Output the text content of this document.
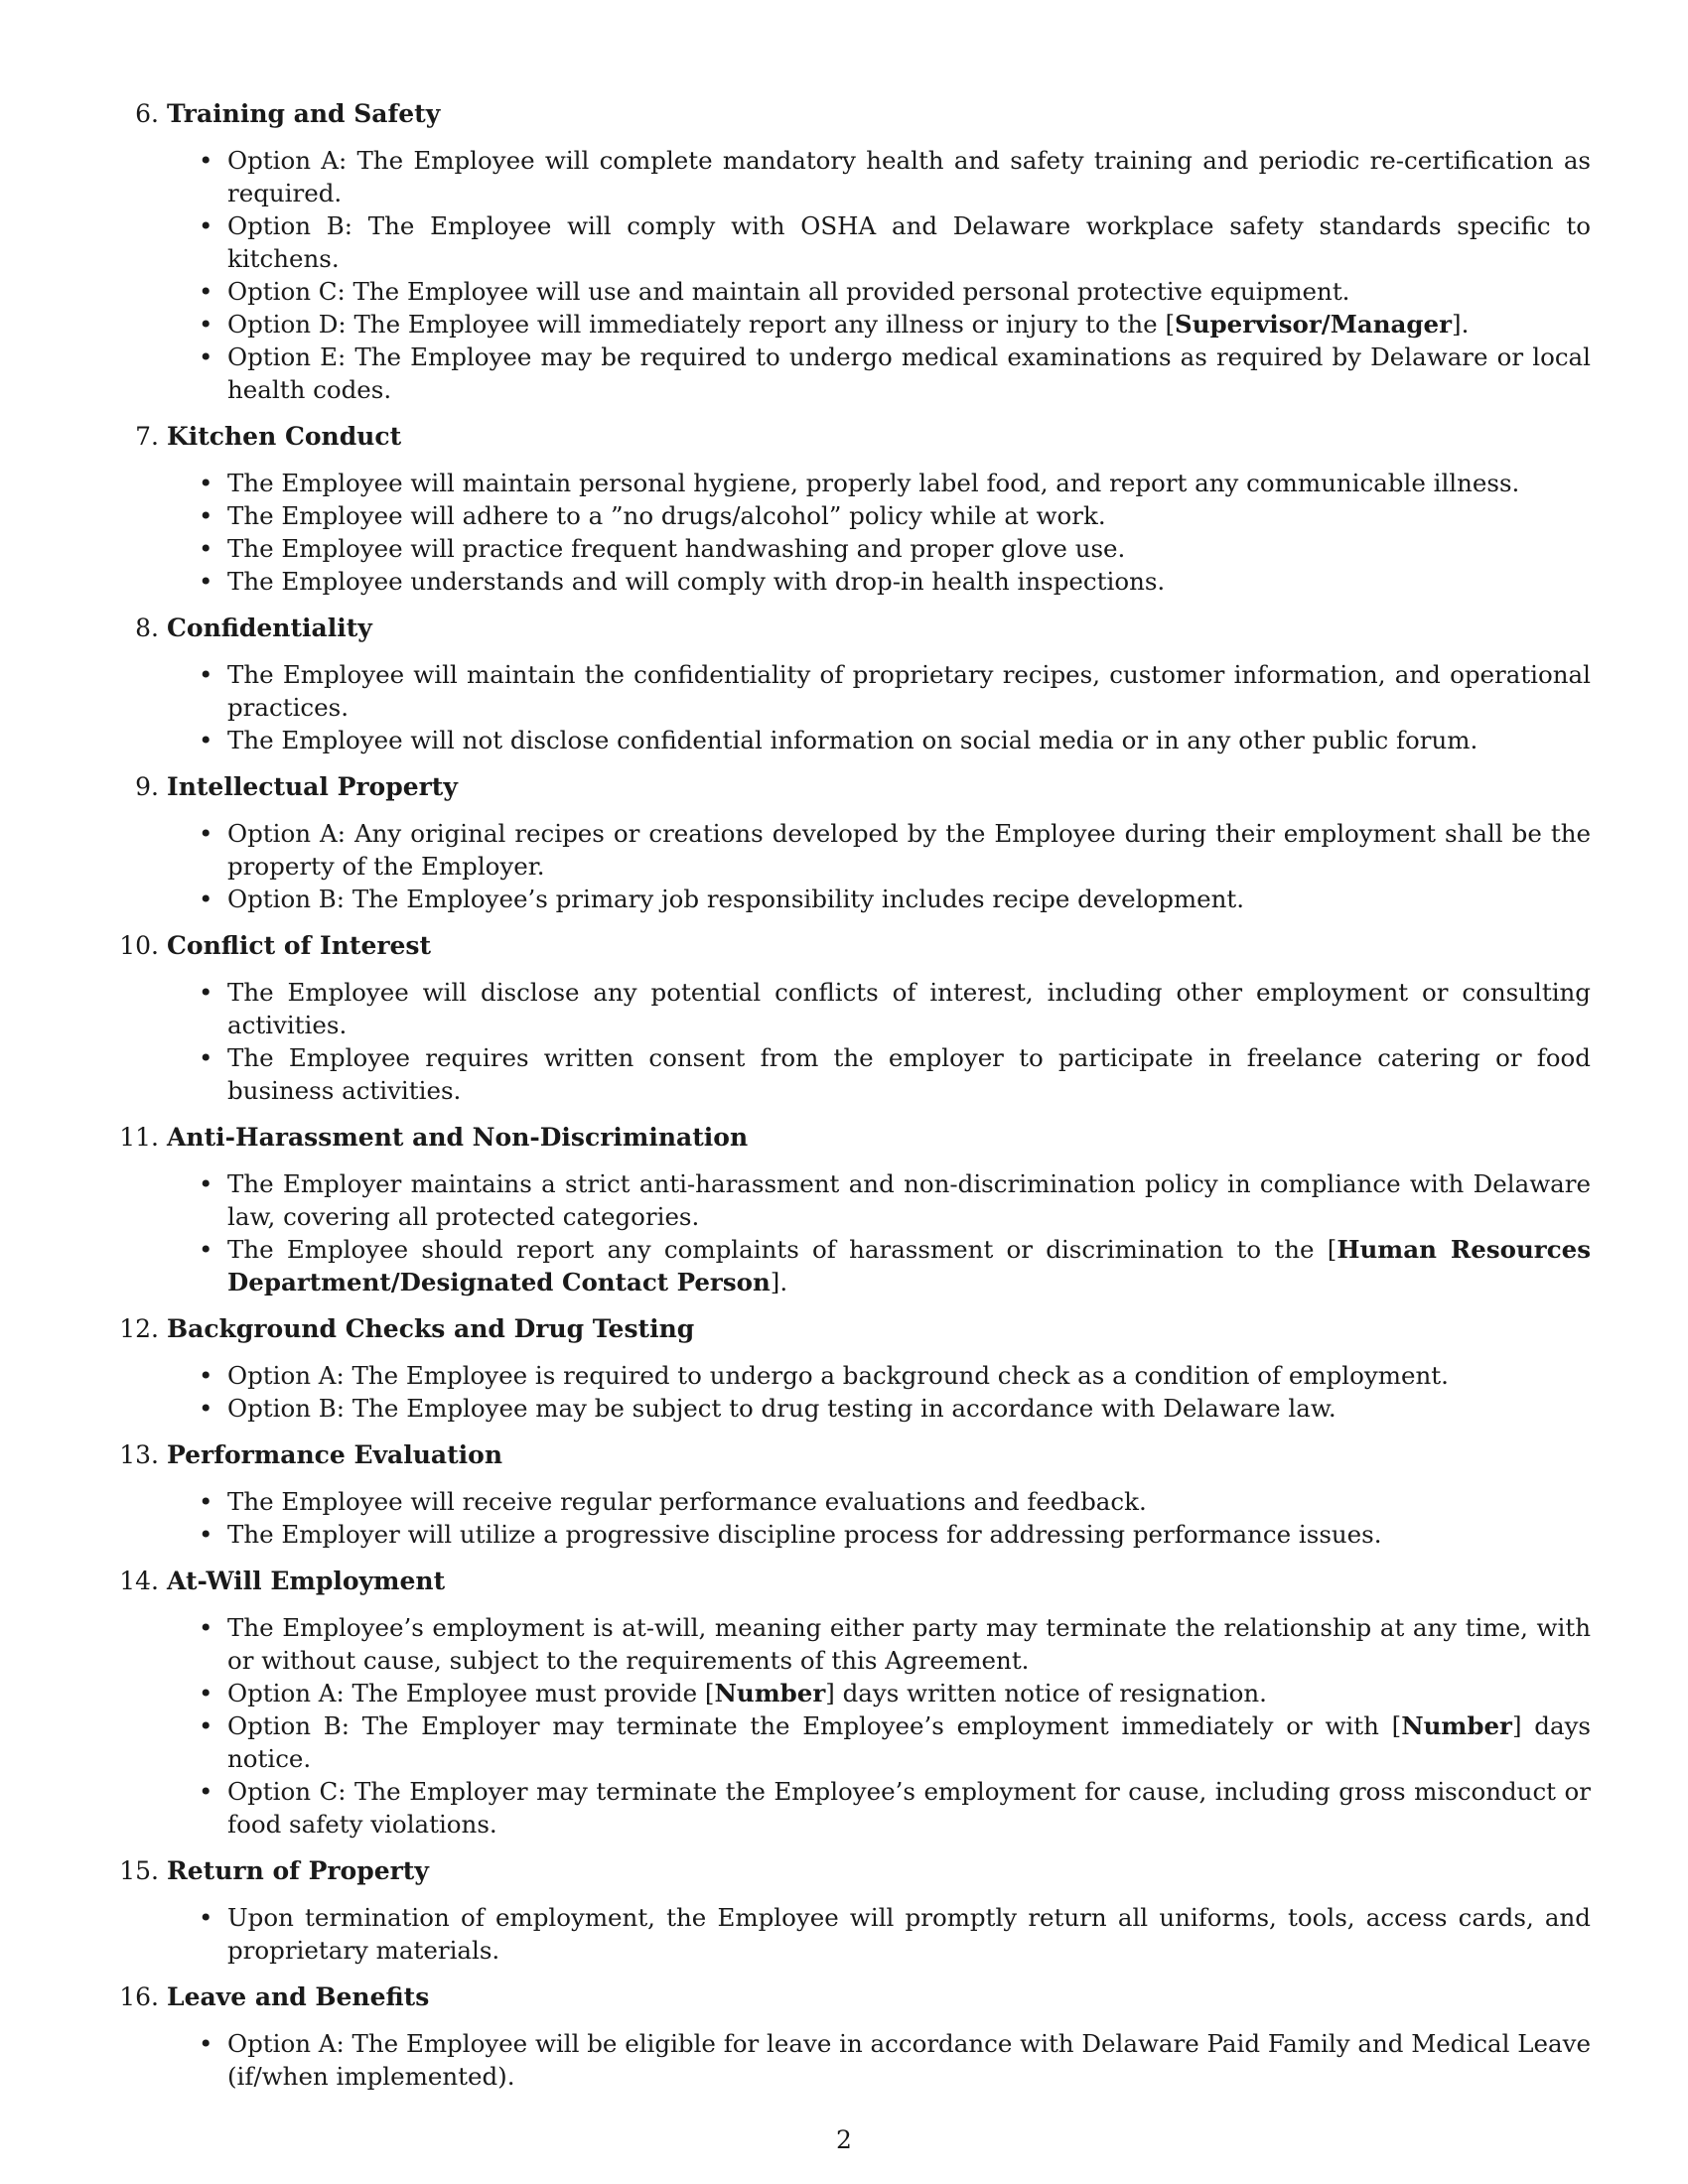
6. Training and Safety
• Option A: The Employee will complete mandatory health and safety training and periodic re-certification as required.
• Option B: The Employee will comply with OSHA and Delaware workplace safety standards specific to kitchens.
• Option C: The Employee will use and maintain all provided personal protective equipment.
• Option D: The Employee will immediately report any illness or injury to the [Supervisor/Manager].
• Option E: The Employee may be required to undergo medical examinations as required by Delaware or local health codes.
7. Kitchen Conduct
• The Employee will maintain personal hygiene, properly label food, and report any communicable illness.
• The Employee will adhere to a ”no drugs/alcohol” policy while at work.
• The Employee will practice frequent handwashing and proper glove use.
• The Employee understands and will comply with drop-in health inspections.
8. Confidentiality
• The Employee will maintain the confidentiality of proprietary recipes, customer information, and operational practices.
• The Employee will not disclose confidential information on social media or in any other public forum.
9. Intellectual Property
• Option A: Any original recipes or creations developed by the Employee during their employment shall be the property of the Employer.
• Option B: The Employee’s primary job responsibility includes recipe development.
10. Conflict of Interest
• The Employee will disclose any potential conflicts of interest, including other employment or consulting activities.
• The Employee requires written consent from the employer to participate in freelance catering or food business activities.
11. Anti-Harassment and Non-Discrimination
• The Employer maintains a strict anti-harassment and non-discrimination policy in compliance with Delaware law, covering all protected categories.
• The Employee should report any complaints of harassment or discrimination to the [Human Resources Department/Designated Contact Person].
12. Background Checks and Drug Testing
• Option A: The Employee is required to undergo a background check as a condition of employment.
• Option B: The Employee may be subject to drug testing in accordance with Delaware law.
13. Performance Evaluation
• The Employee will receive regular performance evaluations and feedback.
• The Employer will utilize a progressive discipline process for addressing performance issues.
14. At-Will Employment
• The Employee’s employment is at-will, meaning either party may terminate the relationship at any time, with or without cause, subject to the requirements of this Agreement.
• Option A: The Employee must provide [Number] days written notice of resignation.
• Option B: The Employer may terminate the Employee’s employment immediately or with [Number] days notice.
• Option C: The Employer may terminate the Employee’s employment for cause, including gross misconduct or food safety violations.
15. Return of Property
• Upon termination of employment, the Employee will promptly return all uniforms, tools, access cards, and proprietary materials.
16. Leave and Benefits
• Option A: The Employee will be eligible for leave in accordance with Delaware Paid Family and Medical Leave (if/when implemented).
2
